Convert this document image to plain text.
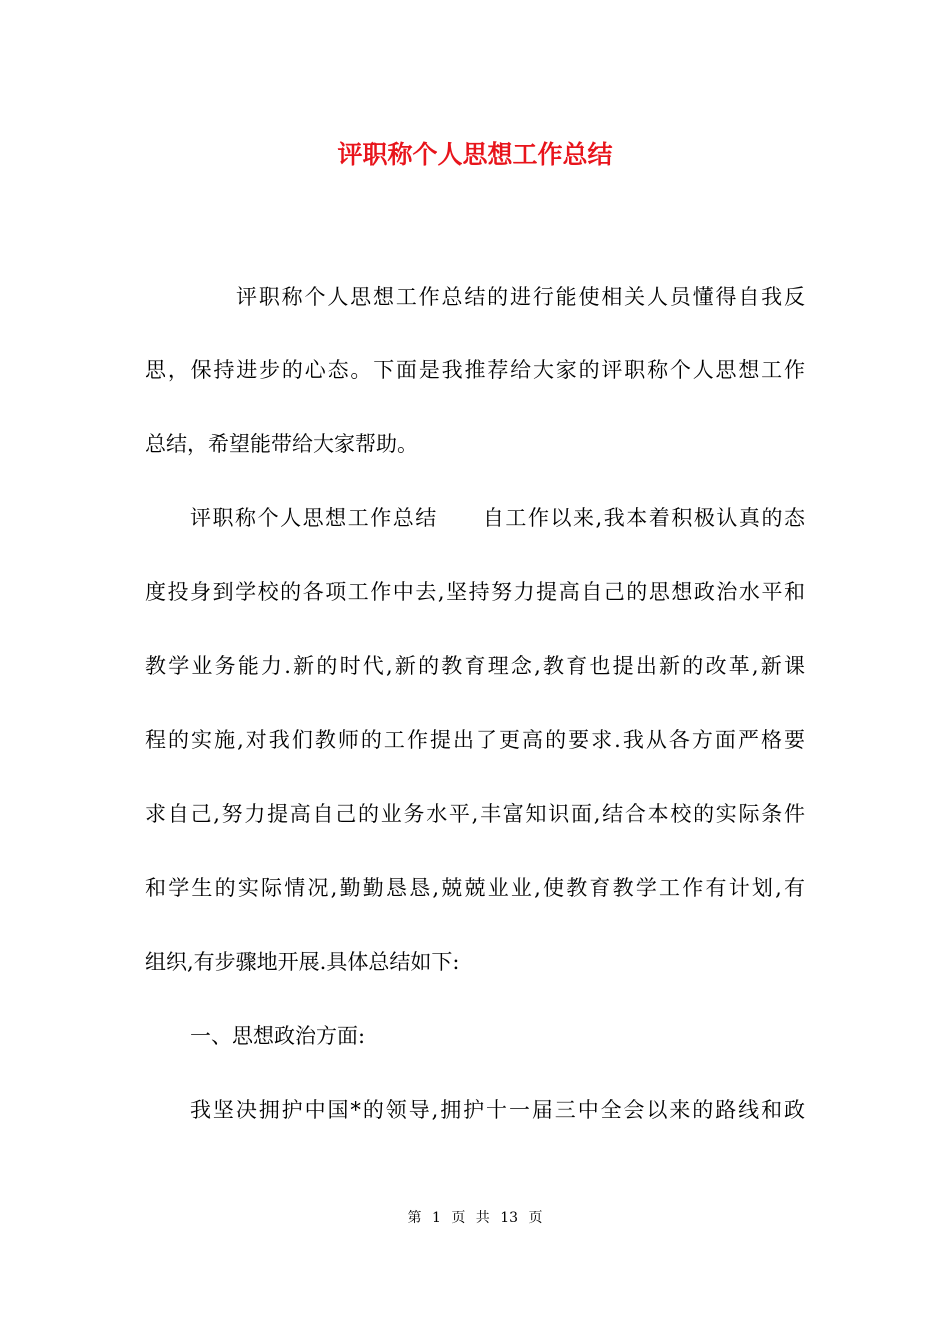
评职称个人思想工作总结

评职称个人思想工作总结的进行能使相关人员懂得自我反

思，保持进步的心态。下面是我推荐给大家的评职称个人思想工作

总结，希望能带给大家帮助。

评职称个人思想工作总结　　自工作以来,我本着积极认真的态

度投身到学校的各项工作中去,坚持努力提高自己的思想政治水平和

教学业务能力.新的时代,新的教育理念,教育也提出新的改革,新课

程的实施,对我们教师的工作提出了更高的要求.我从各方面严格要

求自己,努力提高自己的业务水平,丰富知识面,结合本校的实际条件

和学生的实际情况,勤勤恳恳,兢兢业业,使教育教学工作有计划,有

组织,有步骤地开展.具体总结如下:

一、思想政治方面:

我坚决拥护中国*的领导,拥护十一届三中全会以来的路线和政

第 1 页 共 13 页
